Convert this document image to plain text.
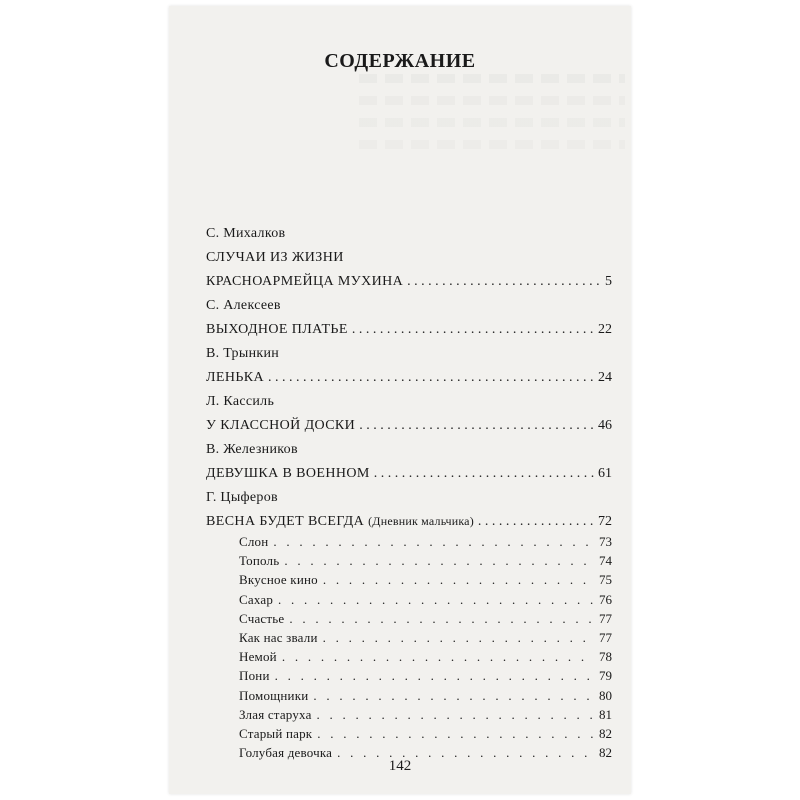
СОДЕРЖАНИЕ
С. Михалков
СЛУЧАИ ИЗ ЖИЗНИ
КРАСНОАРМЕЙЦА МУХИНА . . .	5
С. Алексеев
ВЫХОДНОЕ ПЛАТЬЕ . . .	22
В. Трынкин
ЛЕНЬКА . . .	24
Л. Кассиль
У КЛАССНОЙ ДОСКИ . . .	46
В. Железников
ДЕВУШКА В ВОЕННОМ . . .	61
Г. Цыферов
ВЕСНА БУДЕТ ВСЕГДА (Дневник мальчика) . . .	72
Слон . .	73
Тополь . .	74
Вкусное кино . .	75
Сахар . .	76
Счастье . .	77
Как нас звали . .	77
Немой . .	78
Пони . .	79
Помощники . .	80
Злая старуха . .	81
Старый парк . .	82
Голубая девочка . .	82
142
